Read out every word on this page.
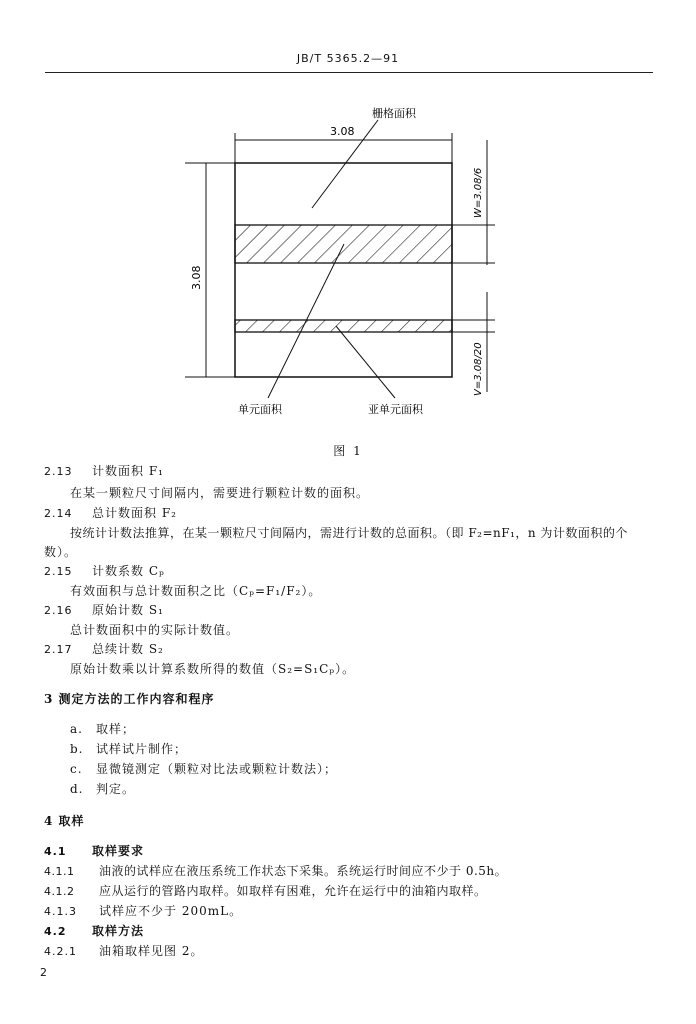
JB/T 5365.2—91
3.08
栅格面积
3.08
W=3.08/6
V=3.08/20
单元面积	亚单元面积
图 1
2.13 计数面积 F₁
在某一颗粒尺寸间隔内，需要进行颗粒计数的面积。
2.14 总计数面积 F₂
按统计计数法推算，在某一颗粒尺寸间隔内，需进行计数的总面积。（即 F₂=nF₁，n 为计数面积的个
数）。
2.15 计数系数 Cₚ
有效面积与总计数面积之比（Cₚ=F₁/F₂）。
2.16 原始计数 S₁
总计数面积中的实际计数值。
2.17 总续计数 S₂
原始计数乘以计算系数所得的数值（S₂=S₁Cₚ）。
3 测定方法的工作内容和程序
a. 取样；
b. 试样试片制作；
c. 显微镜测定（颗粒对比法或颗粒计数法）；
d. 判定。
4 取样
4.1 取样要求
4.1.1 油液的试样应在液压系统工作状态下采集。系统运行时间应不少于 0.5h。
4.1.2 应从运行的管路内取样。如取样有困难，允许在运行中的油箱内取样。
4.1.3 试样应不少于 200mL。
4.2 取样方法
4.2.1 油箱取样见图 2。
2
